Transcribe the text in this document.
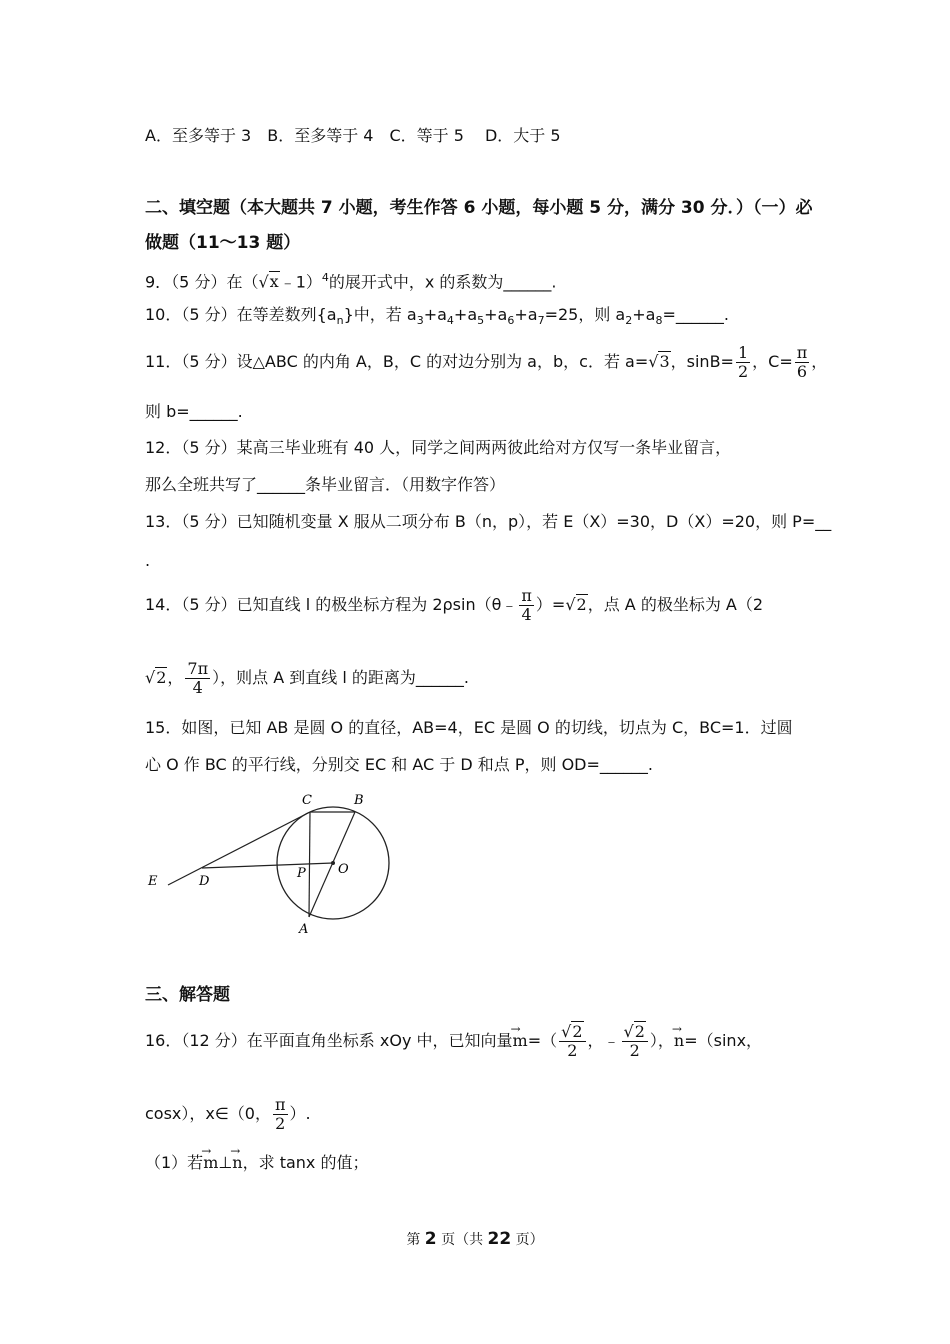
A．至多等于 3　B．至多等于 4　C．等于 5　 D．大于 5
二、填空题（本大题共 7 小题，考生作答 6 小题，每小题 5 分，满分 30 分．）（一）必
做题（11～13 题）
9．（5 分）在（√x﹣1）$^4$的展开式中，x 的系数为______.
10．（5 分）在等差数列$\{a_n\}$中，若 $a_3+a_4+a_5+a_6+a_7=25$，则 $a_2+a_8=\_\_\_\_\_\_$.
11．（5 分）设△ABC 的内角 A，B，C 的对边分别为 a，b，c．若 a=√3，$\sin B= \frac{1}{2}$ ，$C= \frac{\pi}{6}$ ，
则 b=______.
12．（5 分）某高三毕业班有 40 人，同学之间两两彼此给对方仅写一条毕业留言，
那么全班共写了______条毕业留言．（用数字作答）
13．（5 分）已知随机变量 X 服从二项分布 B（n，p），若 E（X）=30，D（X）=20，则 P=__
.
14．（5 分）已知直线 l 的极坐标方程为 2ρsin（θ﹣ $\frac{\pi}{4} )=√2$，点 A 的极坐标为 A（2
√2， $\frac{7\pi}{4}$ ），则点 A 到直线 l 的距离为______.
15．如图，已知 AB 是圆 O 的直径，AB=4，EC 是圆 O 的切线，切点为 C，BC=1．过圆
心 O 作 BC 的平行线，分别交 EC 和 AC 于 D 和点 P，则 OD=______.
C	B
E	D
P O
A
三、解答题
16．（12 分）在平面直角坐标系 xOy 中，已知向量→ $m=( \frac{√2}{2}$ ，﹣ $\frac{√2}{2}$ ），→ n=（sinx，
cosx），x∈（0， $\frac{\pi}{2}$ ）.
（1）若→ m⊥→ n，求 tanx 的值；
第 2 页（共 22 页）
